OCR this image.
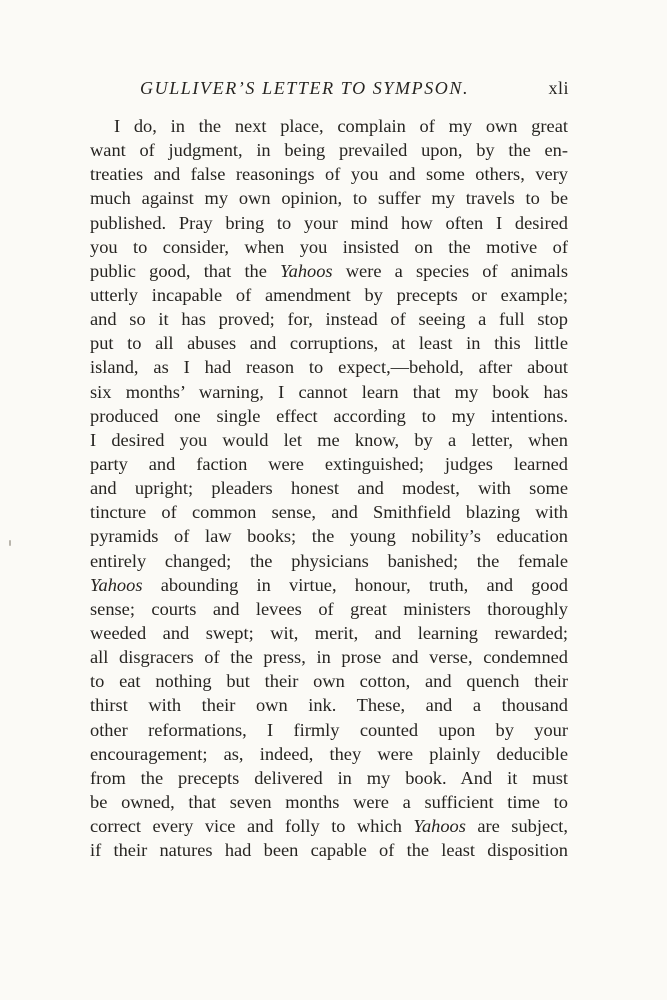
GULLIVER’S LETTER TO SYMPSON.	xli
I do, in the next place, complain of my own great
want of judgment, in being prevailed upon, by the en-
treaties and false reasonings of you and some others, very
much against my own opinion, to suffer my travels to be
published. Pray bring to your mind how often I desired
you to consider, when you insisted on the motive of
public good, that the Yahoos were a species of animals
utterly incapable of amendment by precepts or example;
and so it has proved; for, instead of seeing a full stop
put to all abuses and corruptions, at least in this little
island, as I had reason to expect,—behold, after about
six months’ warning, I cannot learn that my book has
produced one single effect according to my intentions.
I desired you would let me know, by a letter, when
party and faction were extinguished; judges learned
and upright; pleaders honest and modest, with some
tincture of common sense, and Smithfield blazing with
pyramids of law books; the young nobility’s education
entirely changed; the physicians banished; the female
Yahoos abounding in virtue, honour, truth, and good
sense; courts and levees of great ministers thoroughly
weeded and swept; wit, merit, and learning rewarded;
all disgracers of the press, in prose and verse, condemned
to eat nothing but their own cotton, and quench their
thirst with their own ink. These, and a thousand
other reformations, I firmly counted upon by your
encouragement; as, indeed, they were plainly deducible
from the precepts delivered in my book. And it must
be owned, that seven months were a sufficient time to
correct every vice and folly to which Yahoos are subject,
if their natures had been capable of the least disposition
